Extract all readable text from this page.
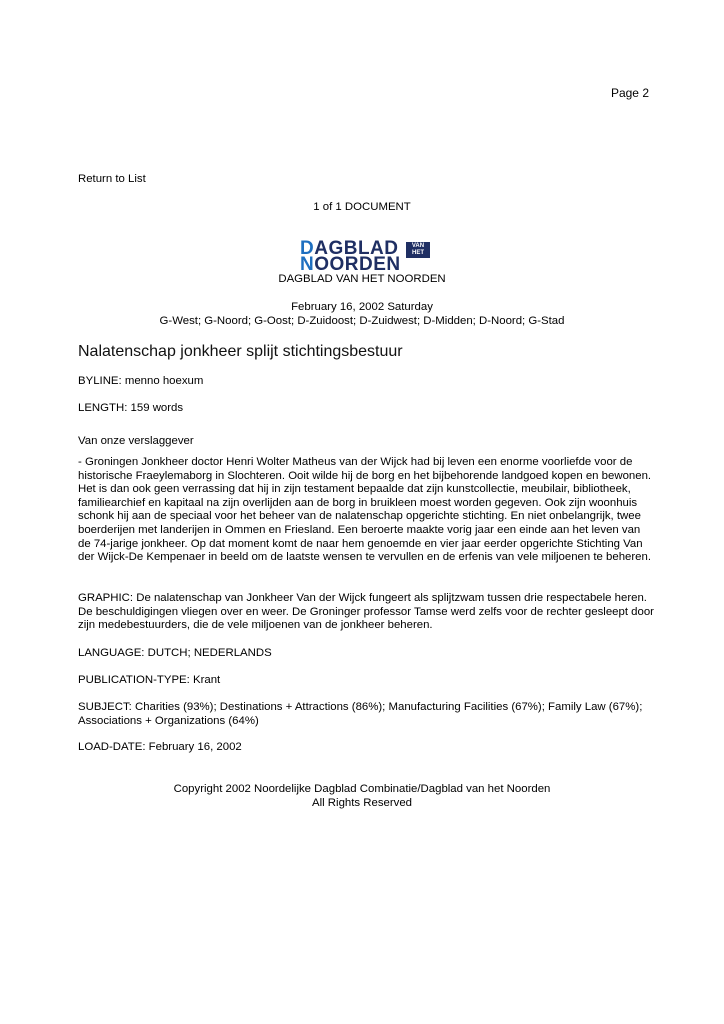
Page 2
Return to List
1 of 1 DOCUMENT
DAGBLAD
NOORDEN
VAN
HET
DAGBLAD VAN HET NOORDEN
February 16, 2002 Saturday
G-West; G-Noord; G-Oost; D-Zuidoost; D-Zuidwest; D-Midden; D-Noord; G-Stad
Nalatenschap jonkheer splijt stichtingsbestuur
BYLINE: menno hoexum
LENGTH: 159 words
Van onze verslaggever

- Groningen Jonkheer doctor Henri Wolter Matheus van der Wijck had bij leven een enorme voorliefde voor de historische Fraeylemaborg in Slochteren. Ooit wilde hij de borg en het bijbehorende landgoed kopen en bewonen. Het is dan ook geen verrassing dat hij in zijn testament bepaalde dat zijn kunstcollectie, meubilair, bibliotheek, familiearchief en kapitaal na zijn overlijden aan de borg in bruikleen moest worden gegeven. Ook zijn woonhuis schonk hij aan de speciaal voor het beheer van de nalatenschap opgerichte stichting. En niet onbelangrijk, twee boerderijen met landerijen in Ommen en Friesland. Een beroerte maakte vorig jaar een einde aan het leven van de 74-jarige jonkheer. Op dat moment komt de naar hem genoemde en vier jaar eerder opgerichte Stichting Van der Wijck-De Kempenaer in beeld om de laatste wensen te vervullen en de erfenis van vele miljoenen te beheren.

GRAPHIC: De nalatenschap van Jonkheer Van der Wijck fungeert als splijtzwam tussen drie respectabele heren. De beschuldigingen vliegen over en weer. De Groninger professor Tamse werd zelfs voor de rechter gesleept door zijn medebestuurders, die de vele miljoenen van de jonkheer beheren.

LANGUAGE: DUTCH; NEDERLANDS
PUBLICATION-TYPE: Krant

SUBJECT: Charities (93%); Destinations + Attractions (86%); Manufacturing Facilities (67%); Family Law (67%); Associations + Organizations (64%)

LOAD-DATE: February 16, 2002
Copyright 2002 Noordelijke Dagblad Combinatie/Dagblad van het Noorden
All Rights Reserved
